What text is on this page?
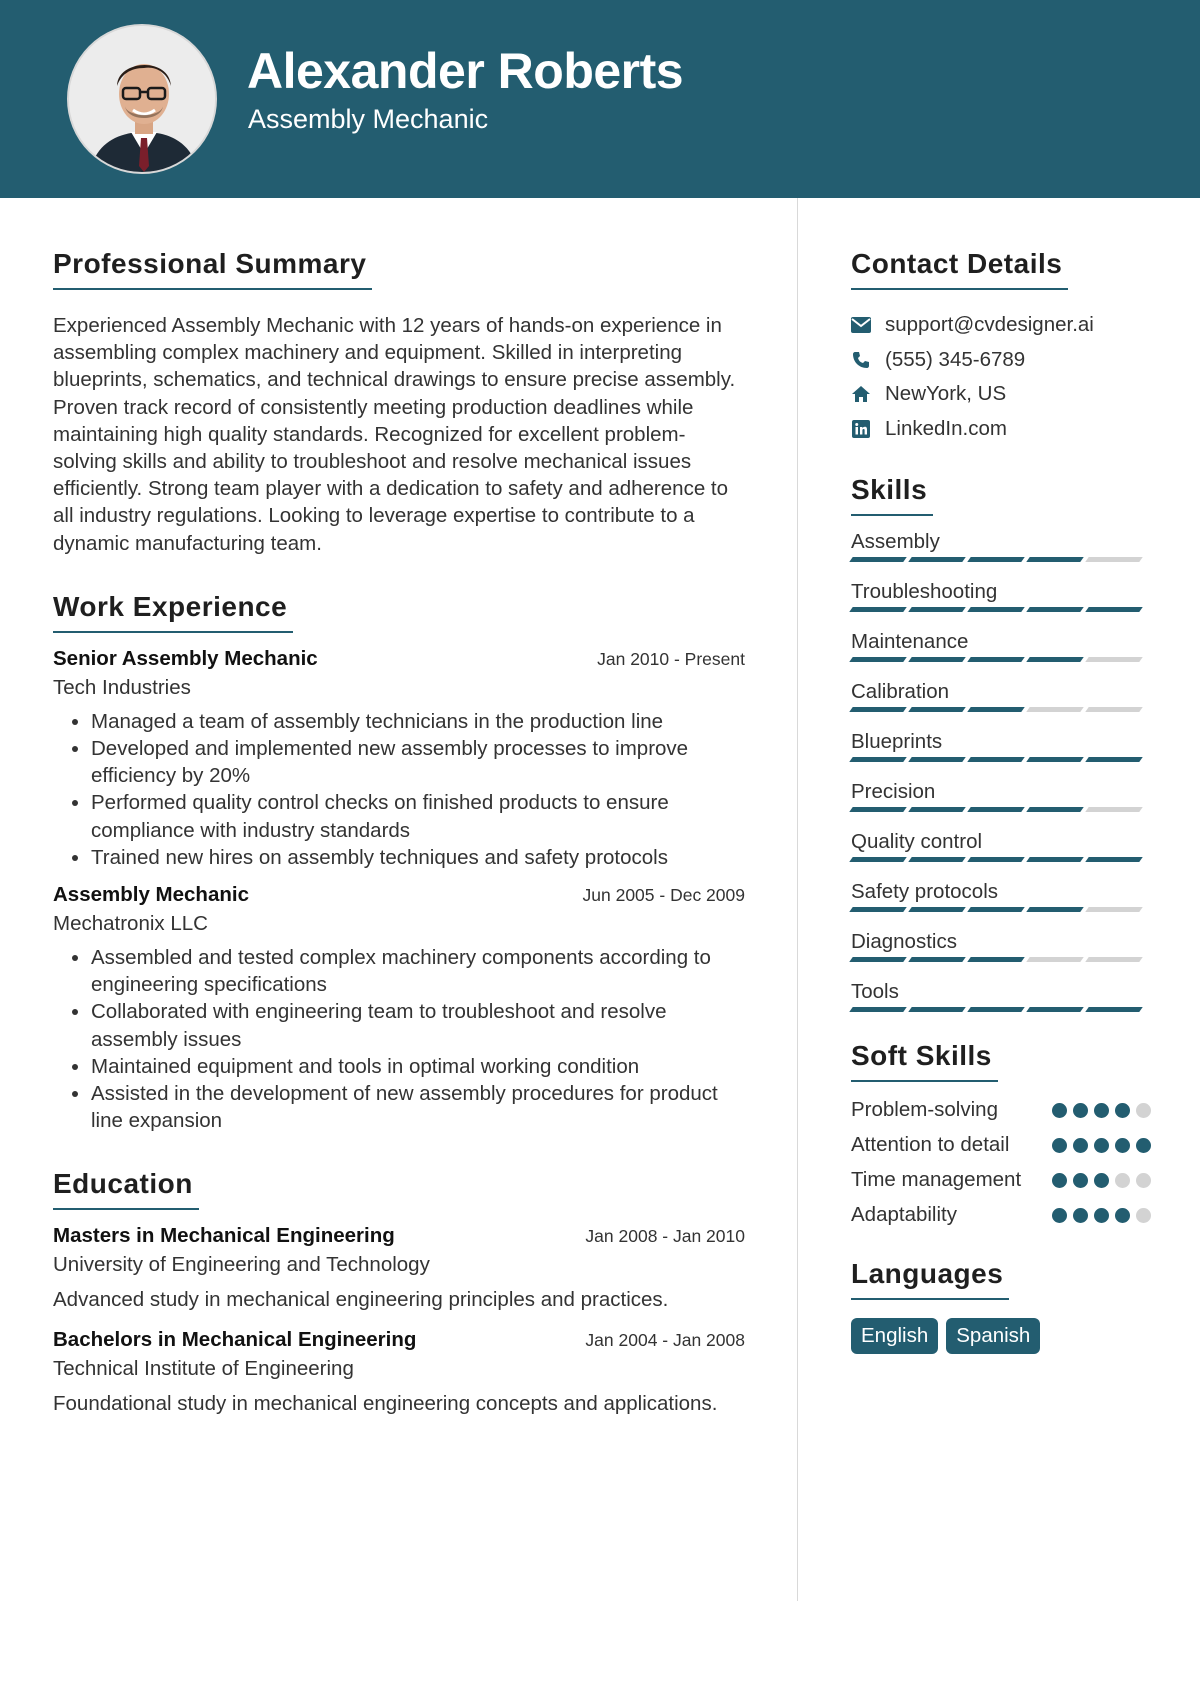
Alexander Roberts
Assembly Mechanic
Professional Summary
Experienced Assembly Mechanic with 12 years of hands-on experience in assembling complex machinery and equipment. Skilled in interpreting blueprints, schematics, and technical drawings to ensure precise assembly. Proven track record of consistently meeting production deadlines while maintaining high quality standards. Recognized for excellent problem-solving skills and ability to troubleshoot and resolve mechanical issues efficiently. Strong team player with a dedication to safety and adherence to all industry regulations. Looking to leverage expertise to contribute to a dynamic manufacturing team.
Work Experience
Senior Assembly Mechanic	Jan 2010 - Present
Tech Industries
• Managed a team of assembly technicians in the production line
• Developed and implemented new assembly processes to improve efficiency by 20%
• Performed quality control checks on finished products to ensure compliance with industry standards
• Trained new hires on assembly techniques and safety protocols
Assembly Mechanic	Jun 2005 - Dec 2009
Mechatronix LLC
• Assembled and tested complex machinery components according to engineering specifications
• Collaborated with engineering team to troubleshoot and resolve assembly issues
• Maintained equipment and tools in optimal working condition
• Assisted in the development of new assembly procedures for product line expansion
Education
Masters in Mechanical Engineering	Jan 2008 - Jan 2010
University of Engineering and Technology
Advanced study in mechanical engineering principles and practices.
Bachelors in Mechanical Engineering	Jan 2004 - Jan 2008
Technical Institute of Engineering
Foundational study in mechanical engineering concepts and applications.
Contact Details
support@cvdesigner.ai
(555) 345-6789
NewYork, US
LinkedIn.com
Skills
Assembly
Troubleshooting
Maintenance
Calibration
Blueprints
Precision
Quality control
Safety protocols
Diagnostics
Tools
Soft Skills
Problem-solving
Attention to detail
Time management
Adaptability
Languages
English	Spanish
